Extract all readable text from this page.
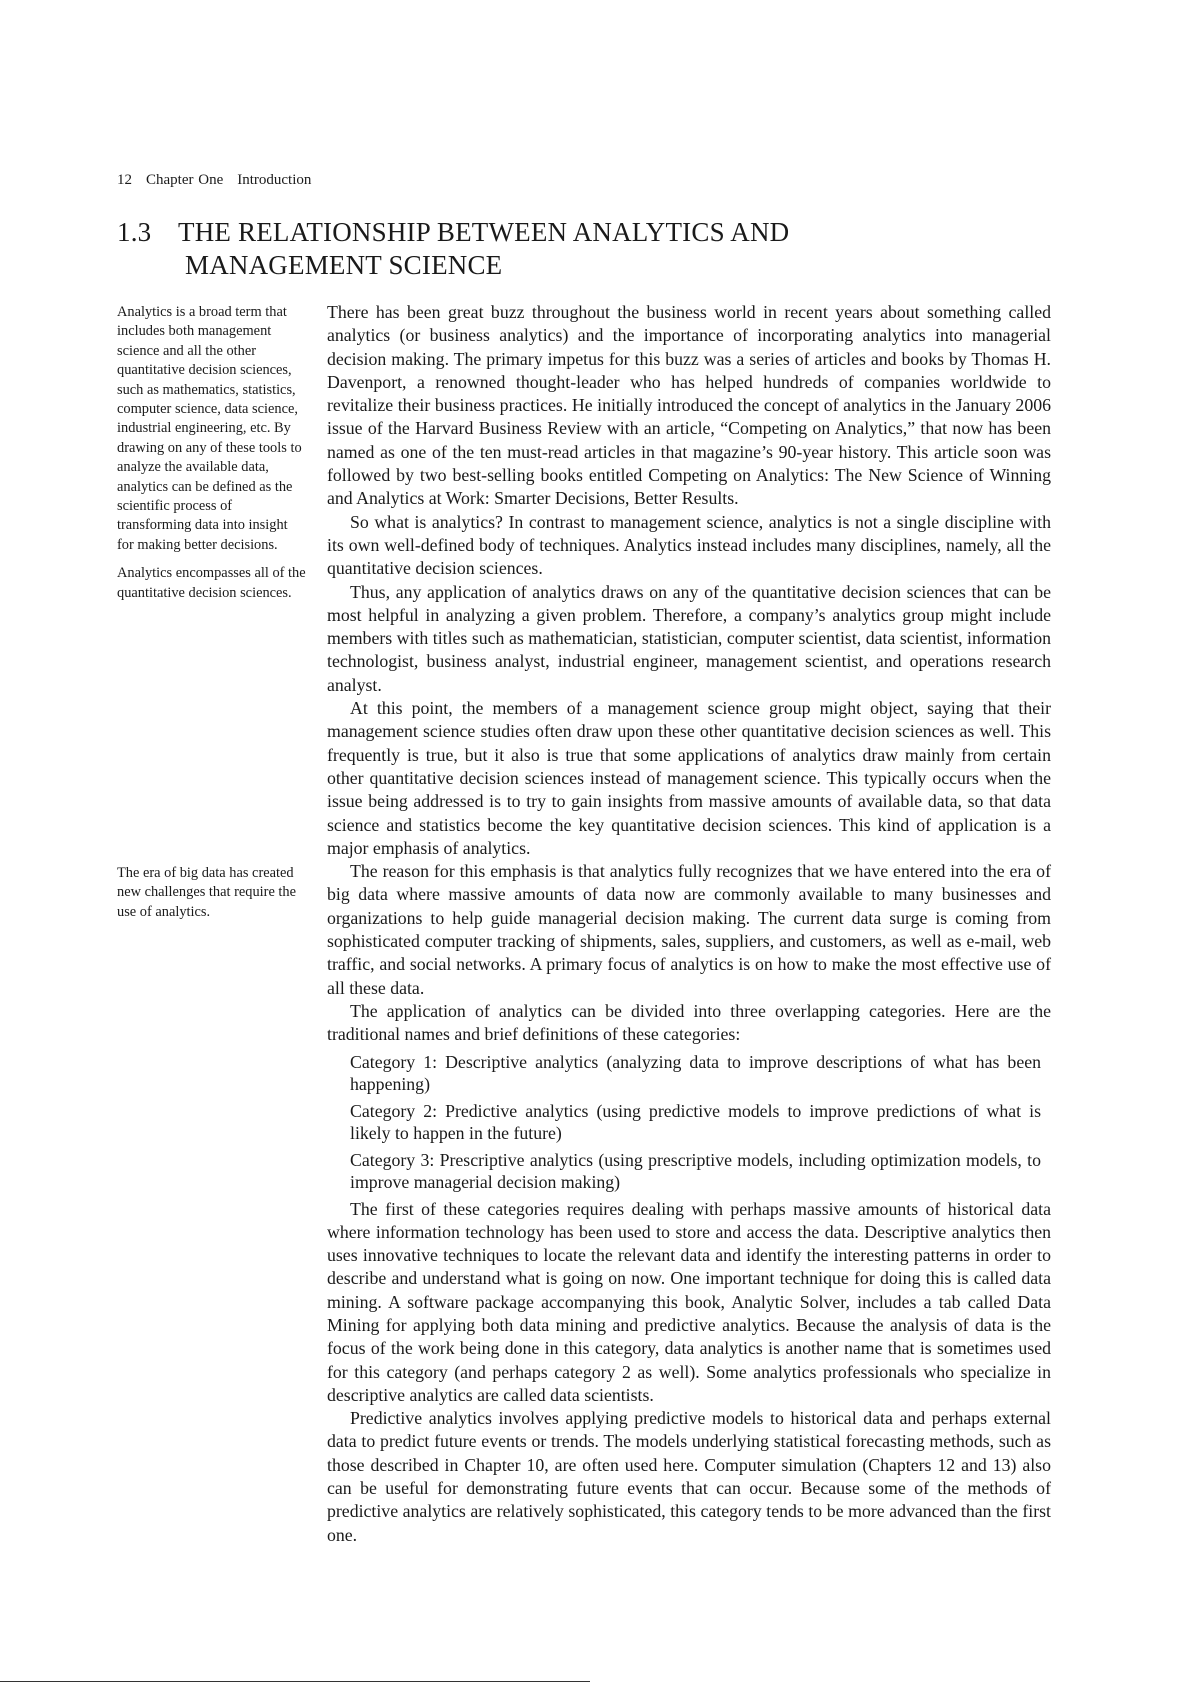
12 Chapter One Introduction
1.3 THE RELATIONSHIP BETWEEN ANALYTICS AND
MANAGEMENT SCIENCE
Analytics is a broad term that includes both management science and all the other quantitative decision sciences, such as mathematics, statistics, computer science, data science, industrial engineering, etc. By drawing on any of these tools to analyze the available data, analytics can be defined as the scientific process of transforming data into insight for making better decisions.
Analytics encompasses all of the quantitative decision sciences.
The era of big data has created new challenges that require the use of analytics.

There has been great buzz throughout the business world in recent years about something called analytics (or business analytics) and the importance of incorporating analytics into managerial decision making. The primary impetus for this buzz was a series of articles and books by Thomas H. Davenport, a renowned thought-leader who has helped hundreds of companies worldwide to revitalize their business practices. He initially introduced the concept of analytics in the January 2006 issue of the Harvard Business Review with an article, “Competing on Analytics,” that now has been named as one of the ten must-read articles in that magazine’s 90-year history. This article soon was followed by two best-selling books entitled Competing on Analytics: The New Science of Winning and Analytics at Work: Smarter Decisions, Better Results.

So what is analytics? In contrast to management science, analytics is not a single discipline with its own well-defined body of techniques. Analytics instead includes many disciplines, namely, all the quantitative decision sciences.

Thus, any application of analytics draws on any of the quantitative decision sciences that can be most helpful in analyzing a given problem. Therefore, a company’s analytics group might include members with titles such as mathematician, statistician, computer scientist, data scientist, information technologist, business analyst, industrial engineer, management scientist, and operations research analyst.

At this point, the members of a management science group might object, saying that their management science studies often draw upon these other quantitative decision sciences as well. This frequently is true, but it also is true that some applications of analytics draw mainly from certain other quantitative decision sciences instead of management science. This typically occurs when the issue being addressed is to try to gain insights from massive amounts of available data, so that data science and statistics become the key quantitative decision sciences. This kind of application is a major emphasis of analytics.

The reason for this emphasis is that analytics fully recognizes that we have entered into the era of big data where massive amounts of data now are commonly available to many businesses and organizations to help guide managerial decision making. The current data surge is coming from sophisticated computer tracking of shipments, sales, suppliers, and customers, as well as e-mail, web traffic, and social networks. A primary focus of analytics is on how to make the most effective use of all these data.

The application of analytics can be divided into three overlapping categories. Here are the traditional names and brief definitions of these categories:

Category 1: Descriptive analytics (analyzing data to improve descriptions of what has been happening)

Category 2: Predictive analytics (using predictive models to improve predictions of what is likely to happen in the future)

Category 3: Prescriptive analytics (using prescriptive models, including optimization models, to improve managerial decision making)

The first of these categories requires dealing with perhaps massive amounts of historical data where information technology has been used to store and access the data. Descriptive analytics then uses innovative techniques to locate the relevant data and identify the interesting patterns in order to describe and understand what is going on now. One important technique for doing this is called data mining. A software package accompanying this book, Analytic Solver, includes a tab called Data Mining for applying both data mining and predictive analytics. Because the analysis of data is the focus of the work being done in this category, data analytics is another name that is sometimes used for this category (and perhaps category 2 as well). Some analytics professionals who specialize in descriptive analytics are called data scientists.

Predictive analytics involves applying predictive models to historical data and perhaps external data to predict future events or trends. The models underlying statistical forecasting methods, such as those described in Chapter 10, are often used here. Computer simulation (Chapters 12 and 13) also can be useful for demonstrating future events that can occur. Because some of the methods of predictive analytics are relatively sophisticated, this category tends to be more advanced than the first one.
